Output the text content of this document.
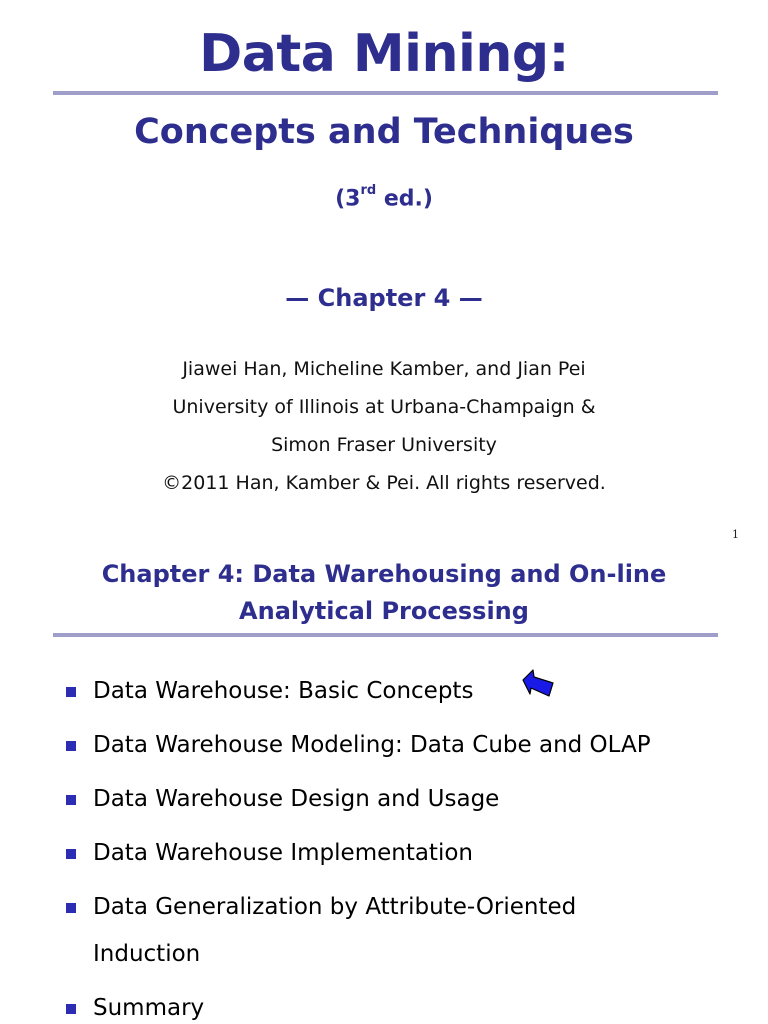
Data Mining:
Concepts and Techniques
(3rd ed.)
— Chapter 4 —
Jiawei Han, Micheline Kamber, and Jian Pei
University of Illinois at Urbana-Champaign &
Simon Fraser University
©2011 Han, Kamber & Pei. All rights reserved.
1
Chapter 4: Data Warehousing and On-line
Analytical Processing
Data Warehouse: Basic Concepts
Data Warehouse Modeling: Data Cube and OLAP
Data Warehouse Design and Usage
Data Warehouse Implementation
Data Generalization by Attribute-Oriented Induction
Summary
